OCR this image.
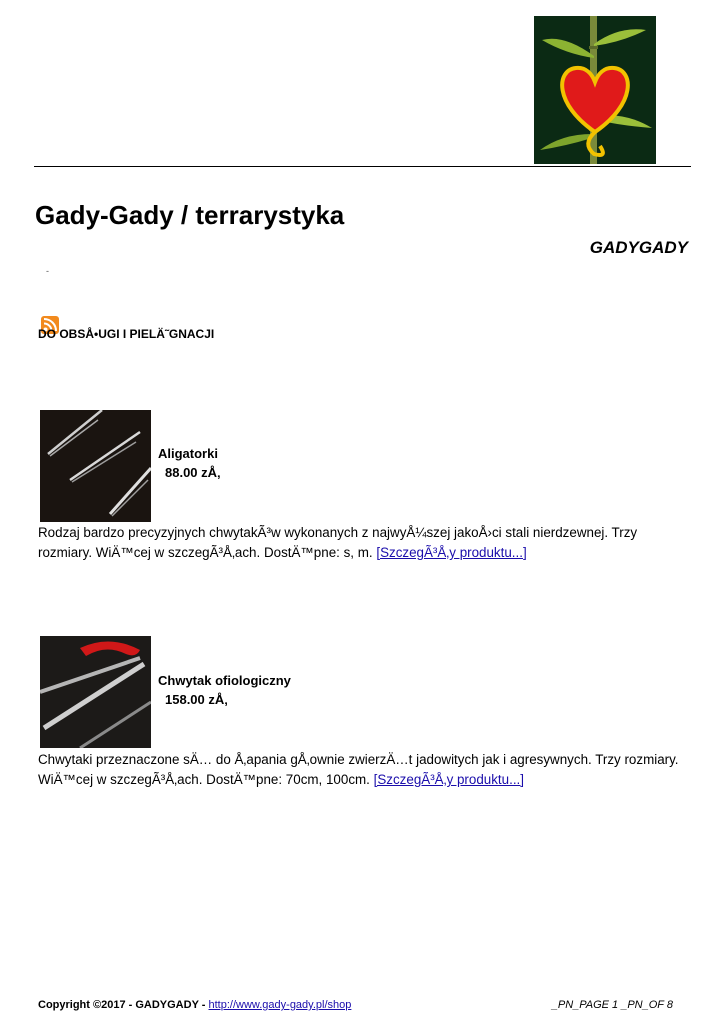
Gady-Gady / terrarystyka
GADYGADY
-
DO OBSÅ•UGI I PIELÄ˜GNACJI
Aligatorki
88.00 zÅ‚
Rodzaj bardzo precyzyjnych chwytakÃ³w wykonanych z najwyÅ¼szej jakoÅ›ci stali nierdzewnej. Trzy rozmiary. WiÄ™cej w szczegÃ³Å‚ach. DostÄ™pne: s, m. [SzczegÃ³Å‚y produktu...]
Chwytak ofiologiczny
158.00 zÅ‚
Chwytaki przeznaczone sÄ… do Å‚apania gÅ‚ownie zwierzÄ…t jadowitych jak i agresywnych. Trzy rozmiary. WiÄ™cej w szczegÃ³Å‚ach. DostÄ™pne: 70cm, 100cm. [SzczegÃ³Å‚y produktu...]
Copyright ©2017 - GADYGADY - http://www.gady-gady.pl/shop	_PN_PAGE 1 _PN_OF 8
